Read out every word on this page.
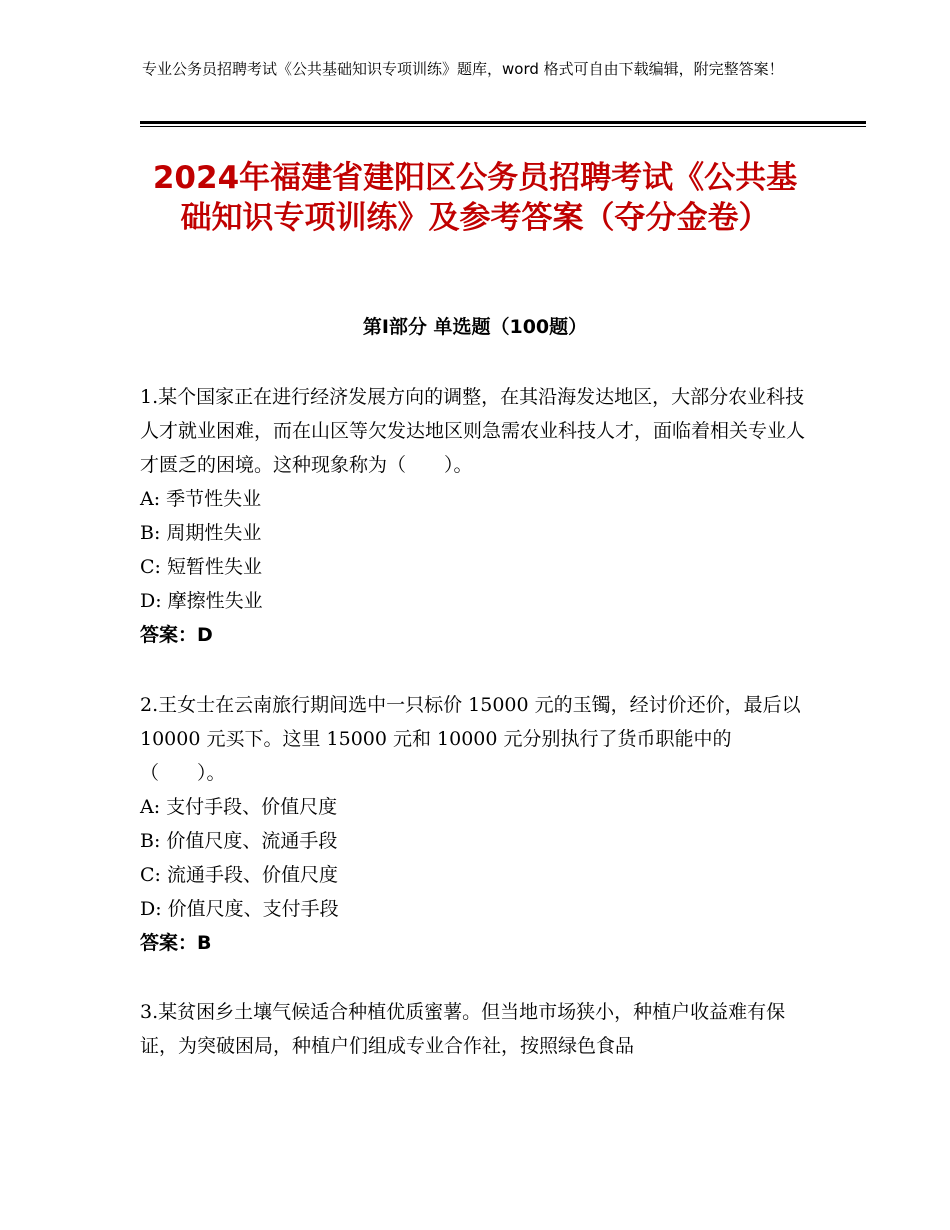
专业公务员招聘考试《公共基础知识专项训练》题库，word 格式可自由下载编辑，附完整答案！
2024年福建省建阳区公务员招聘考试《公共基础知识专项训练》及参考答案（夺分金卷）
第Ⅰ部分 单选题（100题）

1.某个国家正在进行经济发展方向的调整，在其沿海发达地区，大部分农业科技人才就业困难，而在山区等欠发达地区则急需农业科技人才，面临着相关专业人才匮乏的困境。这种现象称为（　　）。

A: 季节性失业

B: 周期性失业

C: 短暂性失业

D: 摩擦性失业

答案：D

2.王女士在云南旅行期间选中一只标价 15000 元的玉镯，经讨价还价，最后以 10000 元买下。这里 15000 元和 10000 元分别执行了货币职能中的（　　）。

A: 支付手段、价值尺度

B: 价值尺度、流通手段

C: 流通手段、价值尺度

D: 价值尺度、支付手段

答案：B

3.某贫困乡土壤气候适合种植优质蜜薯。但当地市场狭小，种植户收益难有保证，为突破困局，种植户们组成专业合作社，按照绿色食品
